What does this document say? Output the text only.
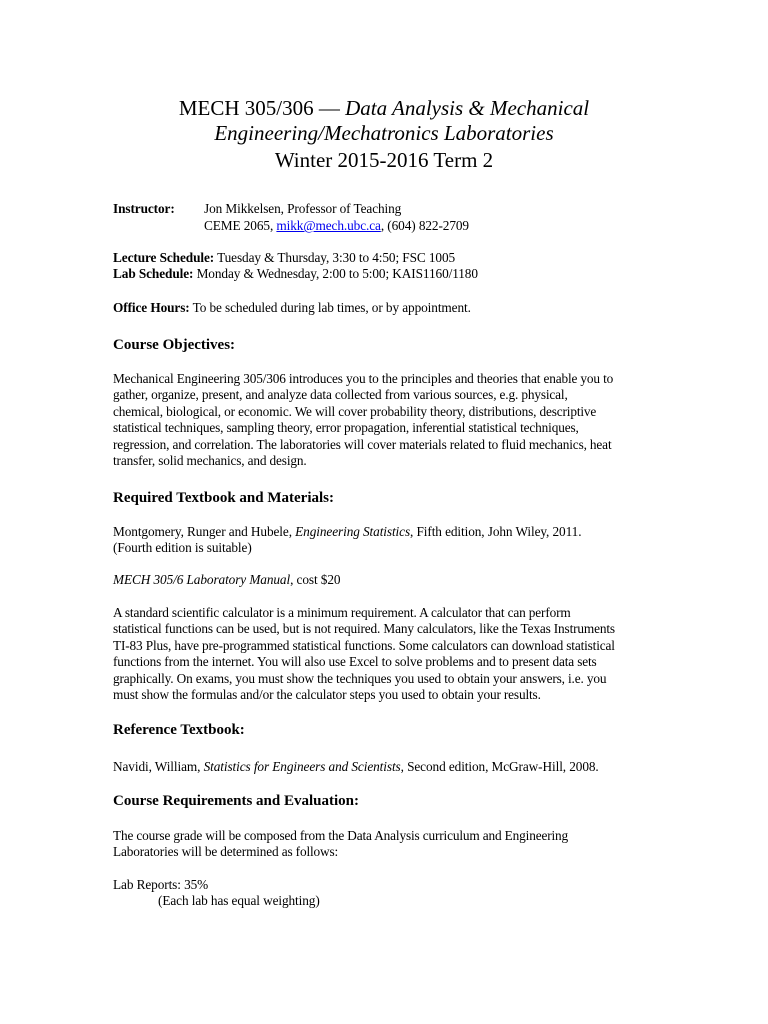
MECH 305/306 — Data Analysis & Mechanical
Engineering/Mechatronics Laboratories
Winter 2015-2016 Term 2
Instructor: Jon Mikkelsen, Professor of Teaching
CEME 2065, mikk@mech.ubc.ca, (604) 822-2709
Lecture Schedule: Tuesday & Thursday, 3:30 to 4:50; FSC 1005
Lab Schedule: Monday & Wednesday, 2:00 to 5:00; KAIS1160/1180
Office Hours: To be scheduled during lab times, or by appointment.
Course Objectives:
Mechanical Engineering 305/306 introduces you to the principles and theories that enable you to
gather, organize, present, and analyze data collected from various sources, e.g. physical,
chemical, biological, or economic. We will cover probability theory, distributions, descriptive
statistical techniques, sampling theory, error propagation, inferential statistical techniques,
regression, and correlation. The laboratories will cover materials related to fluid mechanics, heat
transfer, solid mechanics, and design.
Required Textbook and Materials:
Montgomery, Runger and Hubele, Engineering Statistics, Fifth edition, John Wiley, 2011.
(Fourth edition is suitable)
MECH 305/6 Laboratory Manual, cost $20
A standard scientific calculator is a minimum requirement. A calculator that can perform
statistical functions can be used, but is not required. Many calculators, like the Texas Instruments
TI-83 Plus, have pre-programmed statistical functions. Some calculators can download statistical
functions from the internet. You will also use Excel to solve problems and to present data sets
graphically. On exams, you must show the techniques you used to obtain your answers, i.e. you
must show the formulas and/or the calculator steps you used to obtain your results.
Reference Textbook:
Navidi, William, Statistics for Engineers and Scientists, Second edition, McGraw-Hill, 2008.
Course Requirements and Evaluation:
The course grade will be composed from the Data Analysis curriculum and Engineering
Laboratories will be determined as follows:
Lab Reports: 35%
(Each lab has equal weighting)
